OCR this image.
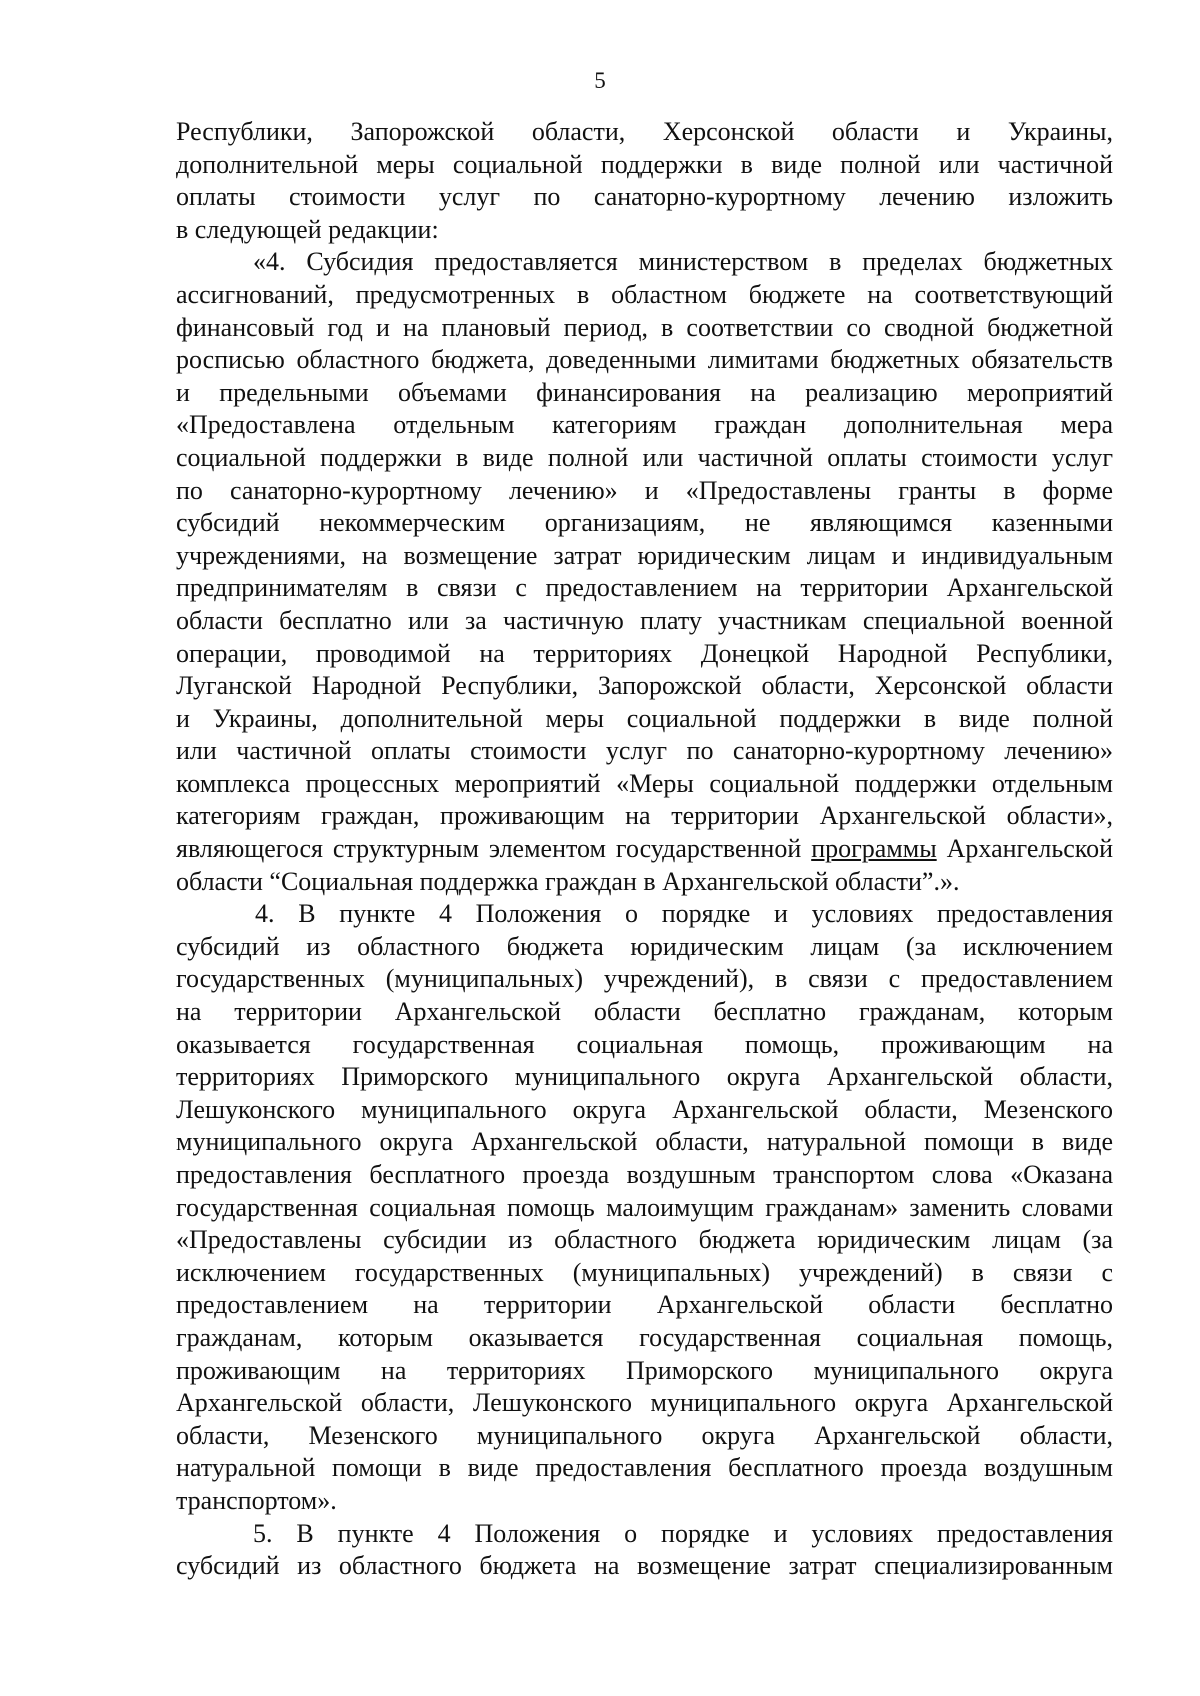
5
Республики, Запорожской области, Херсонской области и Украины,
дополнительной меры социальной поддержки в виде полной или частичной
оплаты стоимости услуг по санаторно-курортному лечению изложить
в следующей редакции:
«4. Субсидия предоставляется министерством в пределах бюджетных
ассигнований, предусмотренных в областном бюджете на соответствующий
финансовый год и на плановый период, в соответствии со сводной бюджетной
росписью областного бюджета, доведенными лимитами бюджетных обязательств
и предельными объемами финансирования на реализацию мероприятий
«Предоставлена отдельным категориям граждан дополнительная мера
социальной поддержки в виде полной или частичной оплаты стоимости услуг
по санаторно-курортному лечению» и «Предоставлены гранты в форме
субсидий некоммерческим организациям, не являющимся казенными
учреждениями, на возмещение затрат юридическим лицам и индивидуальным
предпринимателям в связи с предоставлением на территории Архангельской
области бесплатно или за частичную плату участникам специальной военной
операции, проводимой на территориях Донецкой Народной Республики,
Луганской Народной Республики, Запорожской области, Херсонской области
и Украины, дополнительной меры социальной поддержки в виде полной
или частичной оплаты стоимости услуг по санаторно-курортному лечению»
комплекса процессных мероприятий «Меры социальной поддержки отдельным
категориям граждан, проживающим на территории Архангельской области»,
являющегося структурным элементом государственной программы Архангельской
области “Социальная поддержка граждан в Архангельской области”.».
4. В пункте 4 Положения о порядке и условиях предоставления
субсидий из областного бюджета юридическим лицам (за исключением
государственных (муниципальных) учреждений), в связи с предоставлением
на территории Архангельской области бесплатно гражданам, которым
оказывается государственная социальная помощь, проживающим на
территориях Приморского муниципального округа Архангельской области,
Лешуконского муниципального округа Архангельской области, Мезенского
муниципального округа Архангельской области, натуральной помощи в виде
предоставления бесплатного проезда воздушным транспортом слова «Оказана
государственная социальная помощь малоимущим гражданам» заменить словами
«Предоставлены субсидии из областного бюджета юридическим лицам (за
исключением государственных (муниципальных) учреждений) в связи с
предоставлением на территории Архангельской области бесплатно
гражданам, которым оказывается государственная социальная помощь,
проживающим на территориях Приморского муниципального округа
Архангельской области, Лешуконского муниципального округа Архангельской
области, Мезенского муниципального округа Архангельской области,
натуральной помощи в виде предоставления бесплатного проезда воздушным
транспортом».
5. В пункте 4 Положения о порядке и условиях предоставления
субсидий из областного бюджета на возмещение затрат специализированным
